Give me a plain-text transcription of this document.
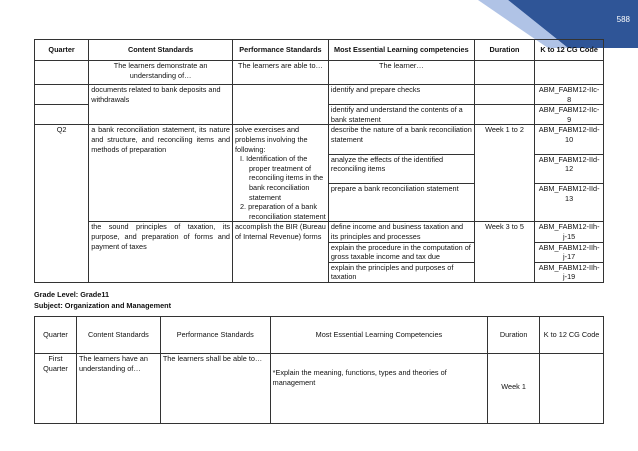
588
Quarter	Content Standards	Performance Standards	Most Essential Learning competencies	Duration	K to 12 CG Code
	The learners demonstrate an understanding of…	The learners are able to…	The learner…		
	documents related to bank deposits and withdrawals		identify and prepare checks		ABM_FABM12-IIc-8
			identify and understand the contents of a bank statement		ABM_FABM12-IIc-9
Q2	a bank reconciliation statement, its nature and structure, and reconciling items and methods of preparation	solve exercises and problems involving the following:
I. Identification of the proper treatment of reconciling items in the bank reconciliation statement
2. preparation of a bank reconciliation statement	describe the nature of a bank reconciliation statement	Week 1 to 2	ABM_FABM12-IId-10
			analyze the effects of the identified reconciling items		ABM_FABM12-IId-12
			prepare a bank reconciliation statement		ABM_FABM12-IId-13
	the sound principles of taxation, its purpose, and preparation of forms and payment of taxes	accomplish the BIR (Bureau of Internal Revenue) forms	define income and business taxation and its principles and processes	Week 3 to 5	ABM_FABM12-IIh-j-15
			explain the procedure in the computation of gross taxable income and tax due		ABM_FABM12-IIh-j-17
			explain the principles and purposes of taxation		ABM_FABM12-IIh-j-19
Grade Level: Grade11
Subject: Organization and Management
Quarter	Content Standards	Performance Standards	Most Essential Learning Competencies	Duration	K to 12 CG Code
First Quarter	The learners have an understanding of…	The learners shall be able to…	*Explain the meaning, functions, types and theories of management	Week 1	
